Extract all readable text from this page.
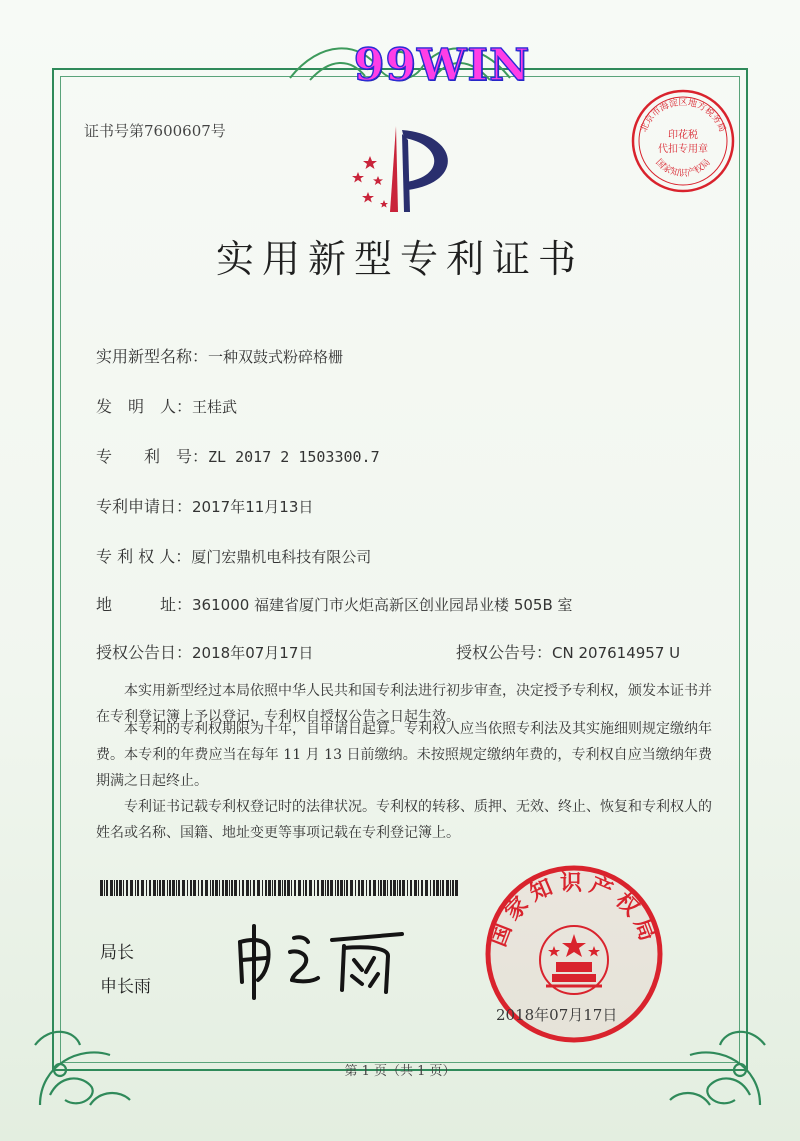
99WIN
北京市海淀区地方税务局
印花税
代扣专用章
国家知识产权局
证书号第7600607号
实用新型专利证书
实用新型名称：一种双鼓式粉碎格栅
发　明　人：王桂武
专　　利　号：ZL 2017 2 1503300.7
专利申请日：2017年11月13日
专 利 权 人：厦门宏鼎机电科技有限公司
地　　　址：361000 福建省厦门市火炬高新区创业园昂业楼 505B 室
授权公告日：2018年07月17日	授权公告号：CN 207614957 U
本实用新型经过本局依照中华人民共和国专利法进行初步审查，决定授予专利权，颁发本证书并在专利登记簿上予以登记，专利权自授权公告之日起生效。
本专利的专利权期限为十年，自申请日起算。专利权人应当依照专利法及其实施细则规定缴纳年费。本专利的年费应当在每年 11 月 13 日前缴纳。未按照规定缴纳年费的，专利权自应当缴纳年费期满之日起终止。
专利证书记载专利权登记时的法律状况。专利权的转移、质押、无效、终止、恢复和专利权人的姓名或名称、国籍、地址变更等事项记载在专利登记簿上。
局长
申长雨
国家知识产权局
2018年07月17日
第 1 页（共 1 页）
